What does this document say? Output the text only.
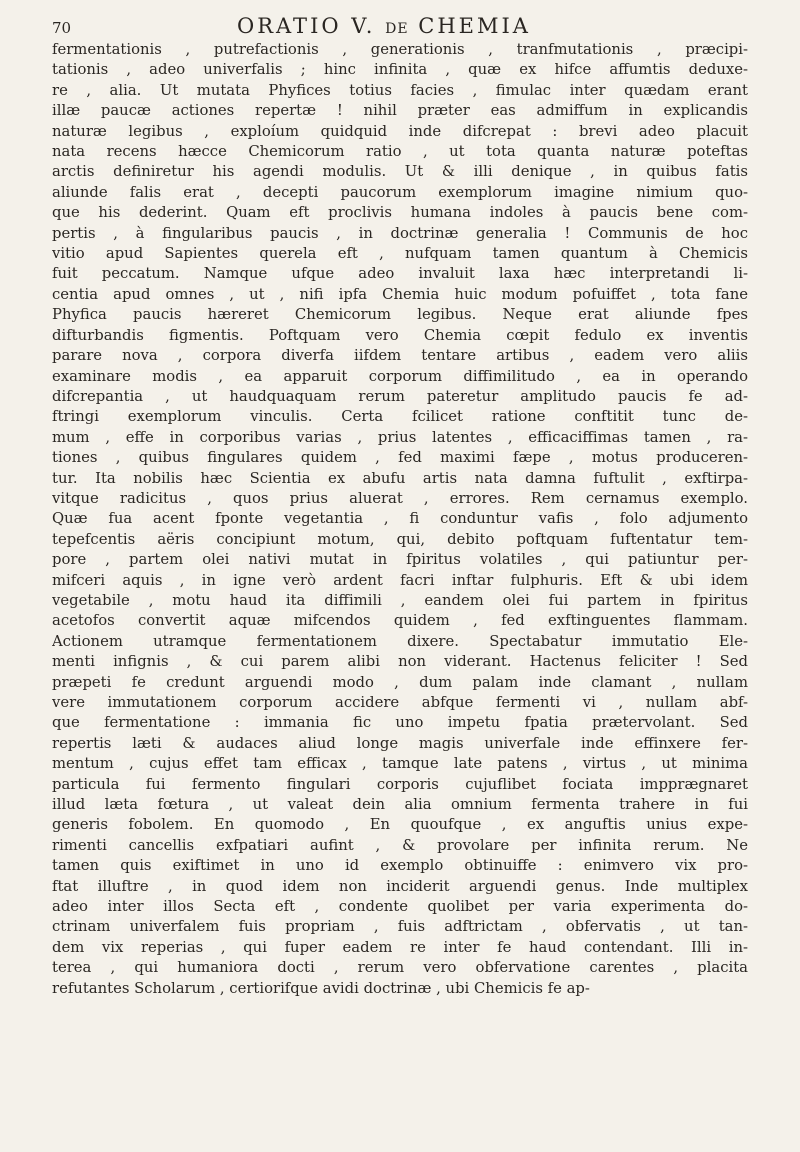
70	ORATIO V. DE CHEMIA
fermentationis , putrefactionis , generationis , tranfmutationis , præcipi-
tationis , adeo univerfalis ; hinc infinita , quæ ex hifce affumtis deduxe-
re , alia. Ut mutata Phyfices totius facies , fimulac inter quædam erant
illæ paucæ actiones repertæ ! nihil præter eas admiffum in explicandis
naturæ legibus , exploíum quidquid inde difcrepat : brevi adeo placuit
nata recens hæcce Chemicorum ratio , ut tota quanta naturæ poteftas
arctis definiretur his agendi modulis. Ut & illi denique , in quibus fatis
aliunde falis erat , decepti paucorum exemplorum imagine nimium quo-
que his dederint. Quam eft proclivis humana indoles à paucis bene com-
pertis , à fingularibus paucis , in doctrinæ generalia ! Communis de hoc
vitio apud Sapientes querela eft , nufquam tamen quantum à Chemicis
fuit peccatum. Namque ufque adeo invaluit laxa hæc interpretandi li-
centia apud omnes , ut , nifi ipfa Chemia huic modum pofuiffet , tota fane
Phyfica paucis hæreret Chemicorum legibus. Neque erat aliunde fpes
difturbandis figmentis. Poftquam vero Chemia cœpit fedulo ex inventis
parare nova , corpora diverfa iifdem tentare artibus , eadem vero aliis
examinare modis , ea apparuit corporum diffimilitudo , ea in operando
difcrepantia , ut haudquaquam rerum pateretur amplitudo paucis fe ad-
ftringi exemplorum vinculis. Certa fcilicet ratione conftitit tunc de-
mum , effe in corporibus varias , prius latentes , efficaciffimas tamen , ra-
tiones , quibus fingulares quidem , fed maximi fæpe , motus produceren-
tur. Ita nobilis hæc Scientia ex abufu artis nata damna fuftulit , exftirpa-
vitque radicitus , quos prius aluerat , errores. Rem cernamus exemplo.
Quæ fua acent fponte vegetantia , fi conduntur vafis , folo adjumento
tepefcentis aëris concipiunt motum, qui, debito poftquam fuftentatur tem-
pore , partem olei nativi mutat in fpiritus volatiles , qui patiuntur per-
mifceri aquis , in igne verò ardent facri inftar fulphuris. Eft & ubi idem
vegetabile , motu haud ita diffimili , eandem olei fui partem in fpiritus
acetofos convertit aquæ mifcendos quidem , fed exftinguentes flammam.
Actionem utramque fermentationem dixere. Spectabatur immutatio Ele-
menti infignis , & cui parem alibi non viderant. Hactenus feliciter ! Sed
præpeti fe credunt arguendi modo , dum palam inde clamant , nullam
vere immutationem corporum accidere abfque fermenti vi , nullam abf-
que fermentatione : immania fic uno impetu fpatia prætervolant. Sed
repertis læti & audaces aliud longe magis univerfale inde effinxere fer-
mentum , cujus effet tam efficax , tamque late patens , virtus , ut minima
particula fui fermento fingulari corporis cujuflibet fociata impprægnaret
illud læta fœtura , ut valeat dein alia omnium fermenta trahere in fui
generis fobolem. En quomodo , En quoufque , ex anguftis unius expe-
rimenti cancellis exfpatiari aufint , & provolare per infinita rerum. Ne
tamen quis exiftimet in uno id exemplo obtinuiffe : enimvero vix pro-
ftat illuftre , in quod idem non inciderit arguendi genus. Inde multiplex
adeo inter illos Secta eft , condente quolibet per varia experimenta do-
ctrinam univerfalem fuis propriam , fuis adftrictam , obfervatis , ut tan-
dem vix reperias , qui fuper eadem re inter fe haud contendant. Illi in-
terea , qui humaniora docti , rerum vero obfervatione carentes , placita
refutantes Scholarum , certiorifque avidi doctrinæ , ubi Chemicis fe ap-
